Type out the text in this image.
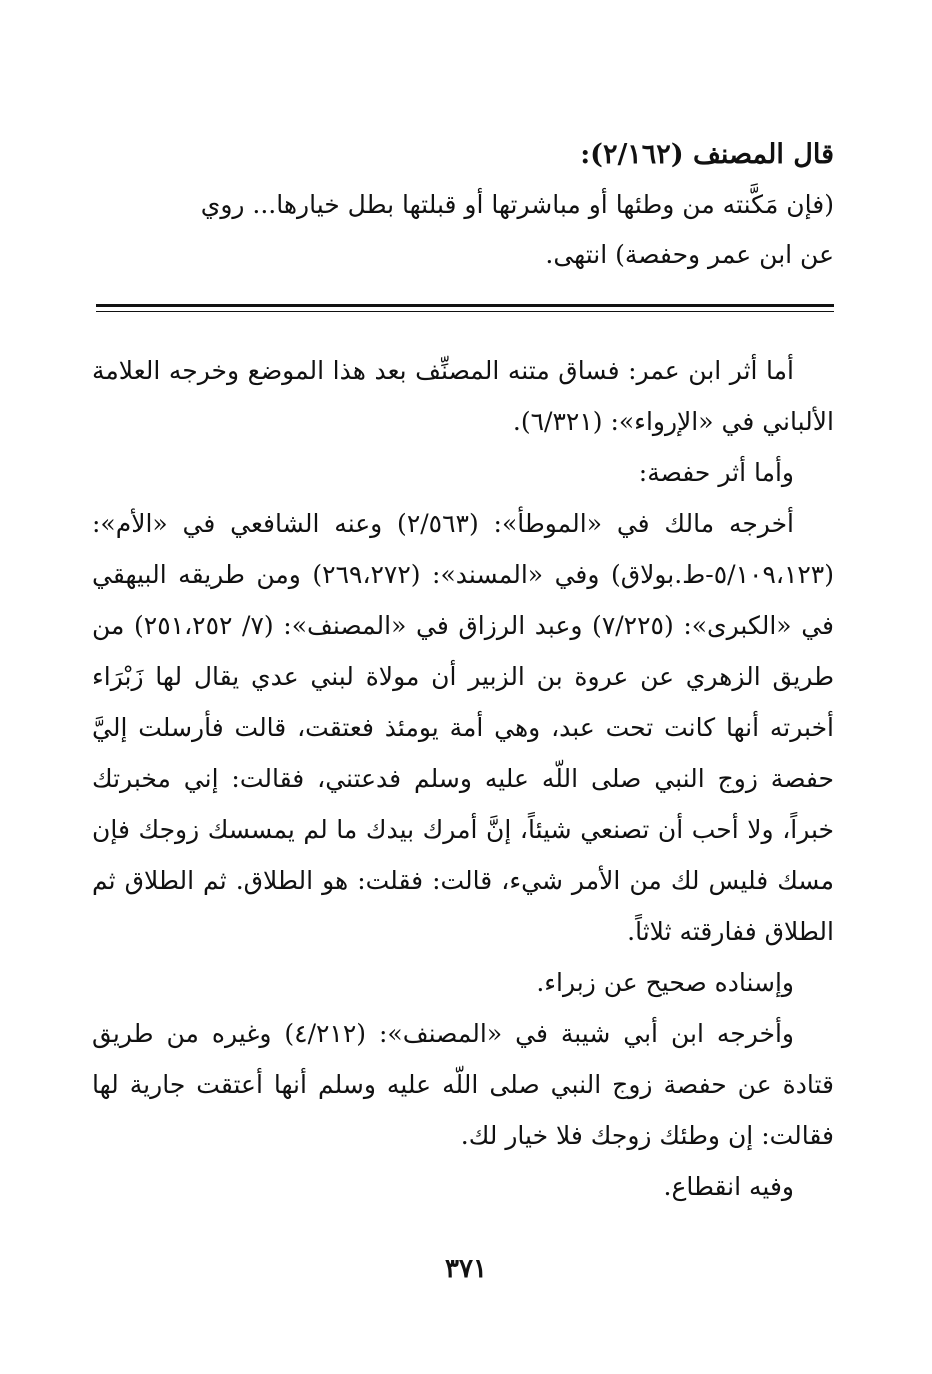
قال المصنف (٢/١٦٢):

(فإن مَكَّنته من وطئها أو مباشرتها أو قبلتها بطل خيارها... روي

عن ابن عمر وحفصة) انتهى.

أما أثر ابن عمر: فساق متنه المصنِّف بعد هذا الموضع وخرجه العلامة الألباني في «الإرواء»: (٦/٣٢١).

وأما أثر حفصة:

أخرجه مالك في «الموطأ»: (٢/٥٦٣) وعنه الشافعي في «الأم»: (٥/١٠٩،١٢٣-ط.بولاق) وفي «المسند»: (٢٦٩،٢٧٢) ومن طريقه البيهقي في «الكبرى»: (٧/٢٢٥) وعبد الرزاق في «المصنف»: (٧/ ٢٥١،٢٥٢) من طريق الزهري عن عروة بن الزبير أن مولاة لبني عدي يقال لها زَبْرَاء أخبرته أنها كانت تحت عبد، وهي أمة يومئذ فعتقت، قالت فأرسلت إليَّ حفصة زوج النبي صلى اللّه عليه وسلم فدعتني، فقالت: إني مخبرتك خبراً، ولا أحب أن تصنعي شيئاً، إنَّ أمرك بيدك ما لم يمسسك زوجك فإن مسك فليس لك من الأمر شيء، قالت: فقلت: هو الطلاق. ثم الطلاق ثم الطلاق ففارقته ثلاثاً.

وإسناده صحيح عن زبراء.

وأخرجه ابن أبي شيبة في «المصنف»: (٤/٢١٢) وغيره من طريق قتادة عن حفصة زوج النبي صلى اللّه عليه وسلم أنها أعتقت جارية لها فقالت: إن وطئك زوجك فلا خيار لك.

وفيه انقطاع.

٣٧١
